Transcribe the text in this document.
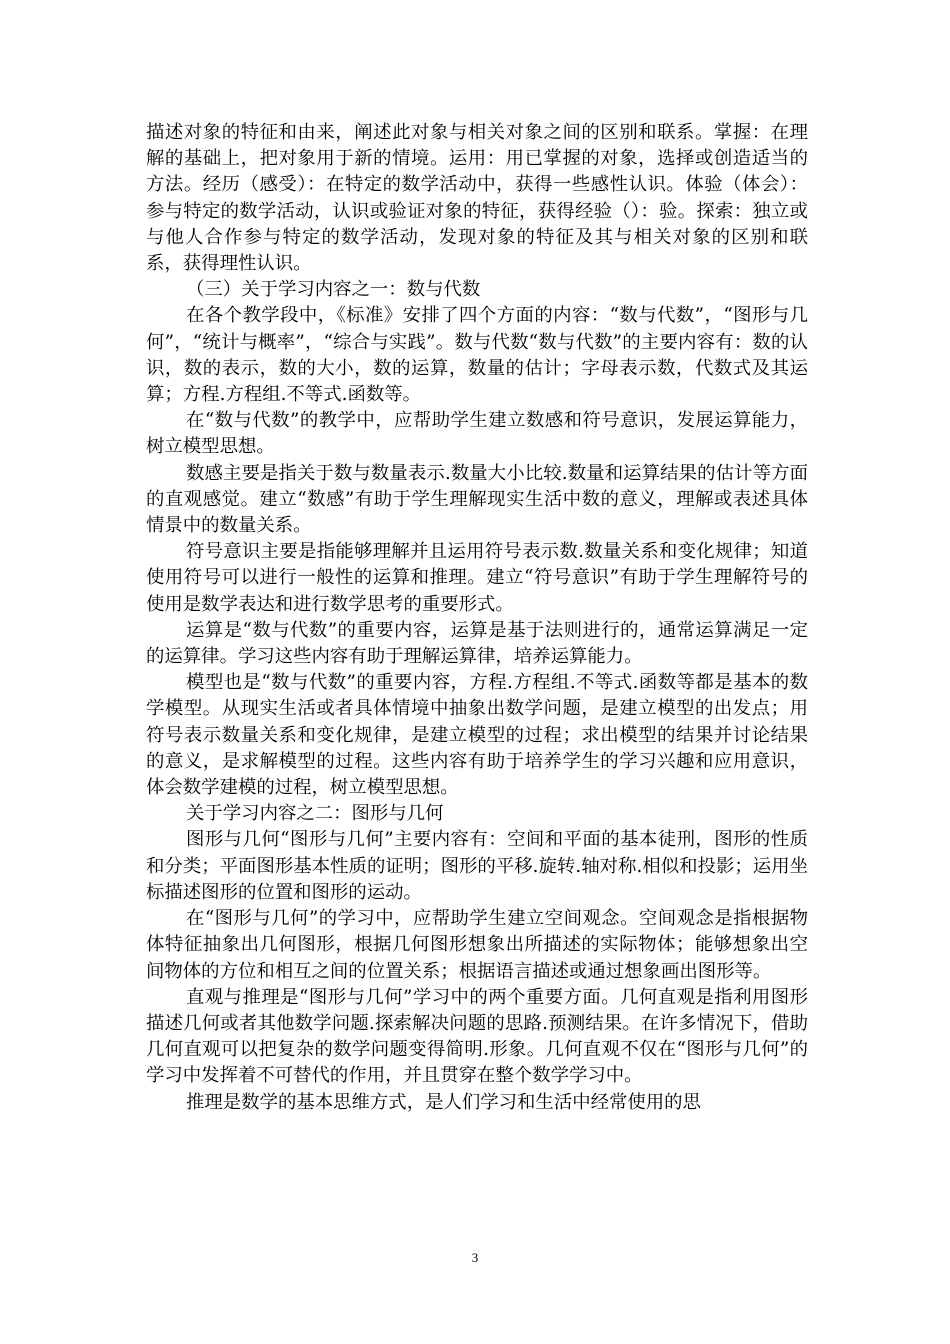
描述对象的特征和由来，阐述此对象与相关对象之间的区别和联系。掌握：在理解的基础上，把对象用于新的情境。运用：用已掌握的对象，选择或创造适当的方法。经历（感受）：在特定的数学活动中，获得一些感性认识。体验（体会）：参与特定的数学活动，认识或验证对象的特征，获得经验（）：验。探索：独立或与他人合作参与特定的数学活动，发现对象的特征及其与相关对象的区别和联系，获得理性认识。

（三）关于学习内容之一：数与代数

在各个教学段中，《标准》安排了四个方面的内容：“数与代数”，“图形与几何”，“统计与概率”，“综合与实践”。数与代数“数与代数”的主要内容有：数的认识，数的表示，数的大小，数的运算，数量的估计；字母表示数，代数式及其运算；方程.方程组.不等式.函数等。

在“数与代数”的教学中，应帮助学生建立数感和符号意识，发展运算能力，树立模型思想。

数感主要是指关于数与数量表示.数量大小比较.数量和运算结果的估计等方面的直观感觉。建立“数感”有助于学生理解现实生活中数的意义，理解或表述具体情景中的数量关系。

符号意识主要是指能够理解并且运用符号表示数.数量关系和变化规律；知道使用符号可以进行一般性的运算和推理。建立“符号意识”有助于学生理解符号的使用是数学表达和进行数学思考的重要形式。

运算是“数与代数”的重要内容，运算是基于法则进行的，通常运算满足一定的运算律。学习这些内容有助于理解运算律，培养运算能力。

模型也是“数与代数”的重要内容，方程.方程组.不等式.函数等都是基本的数学模型。从现实生活或者具体情境中抽象出数学问题，是建立模型的出发点；用符号表示数量关系和变化规律，是建立模型的过程；求出模型的结果并讨论结果的意义，是求解模型的过程。这些内容有助于培养学生的学习兴趣和应用意识，体会数学建模的过程，树立模型思想。

关于学习内容之二：图形与几何

图形与几何“图形与几何”主要内容有：空间和平面的基本徒刑，图形的性质和分类；平面图形基本性质的证明；图形的平移.旋转.轴对称.相似和投影；运用坐标描述图形的位置和图形的运动。

在“图形与几何”的学习中，应帮助学生建立空间观念。空间观念是指根据物体特征抽象出几何图形，根据几何图形想象出所描述的实际物体；能够想象出空间物体的方位和相互之间的位置关系；根据语言描述或通过想象画出图形等。

直观与推理是“图形与几何”学习中的两个重要方面。几何直观是指利用图形描述几何或者其他数学问题.探索解决问题的思路.预测结果。在许多情况下，借助几何直观可以把复杂的数学问题变得简明.形象。几何直观不仅在“图形与几何”的学习中发挥着不可替代的作用，并且贯穿在整个数学学习中。

推理是数学的基本思维方式，是人们学习和生活中经常使用的思

3
